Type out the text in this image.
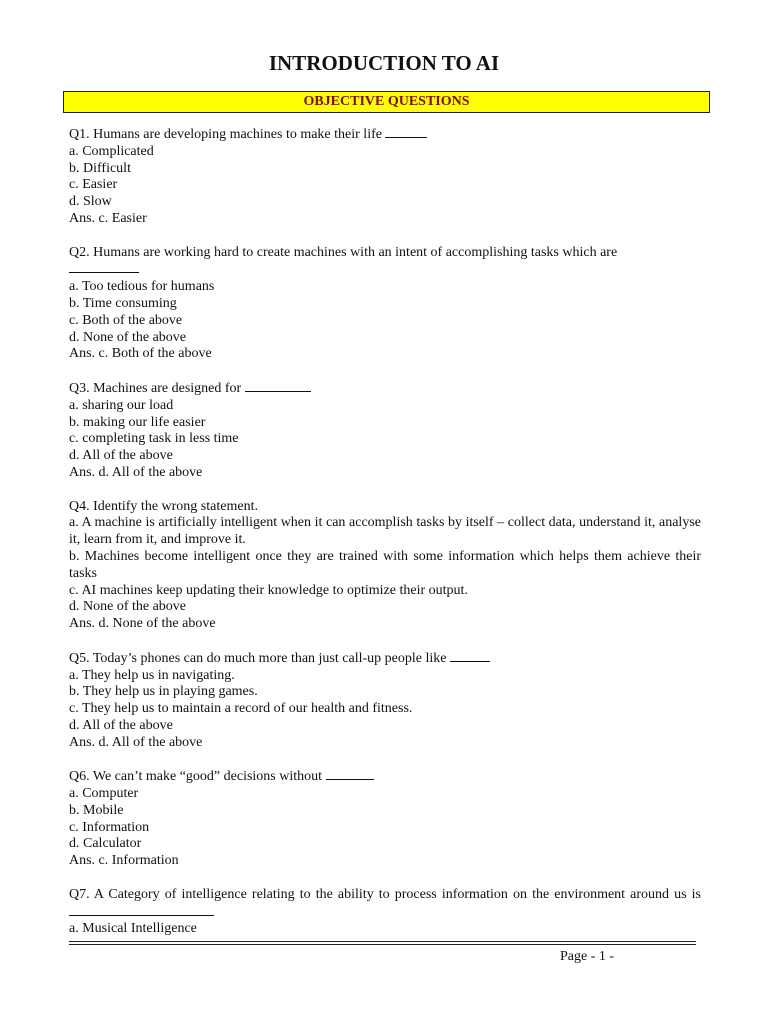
INTRODUCTION TO AI
OBJECTIVE QUESTIONS
Q1. Humans are developing machines to make their life
a. Complicated
b. Difficult
c. Easier
d. Slow
Ans. c. Easier
Q2. Humans are working hard to create machines with an intent of accomplishing tasks which are
a. Too tedious for humans
b. Time consuming
c. Both of the above
d. None of the above
Ans. c. Both of the above
Q3. Machines are designed for
a. sharing our load
b. making our life easier
c. completing task in less time
d. All of the above
Ans. d. All of the above
Q4. Identify the wrong statement.
a. A machine is artificially intelligent when it can accomplish tasks by itself – collect data, understand it, analyse it, learn from it, and improve it.
b. Machines become intelligent once they are trained with some information which helps them achieve their tasks
c. AI machines keep updating their knowledge to optimize their output.
d. None of the above
Ans. d. None of the above
Q5. Today’s phones can do much more than just call-up people like
a. They help us in navigating.
b. They help us in playing games.
c. They help us to maintain a record of our health and fitness.
d. All of the above
Ans. d. All of the above
Q6. We can’t make “good” decisions without
a. Computer
b. Mobile
c. Information
d. Calculator
Ans. c. Information
Q7. A Category of intelligence relating to the ability to process information on the environment around us is
a. Musical Intelligence
Page - 1 -
